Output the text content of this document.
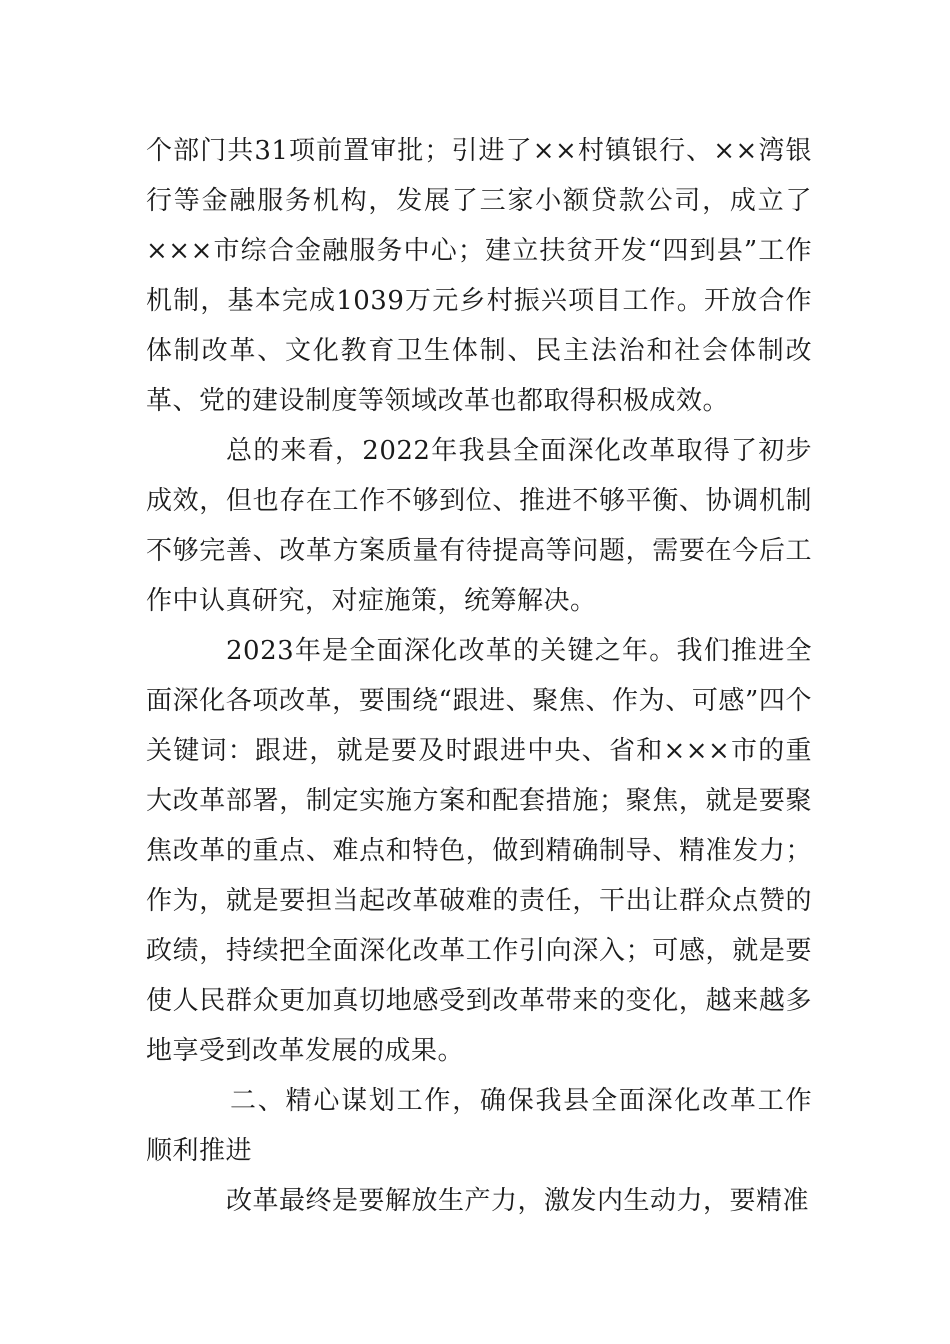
个部门共31项前置审批；引进了××村镇银行、××湾银行等金融服务机构，发展了三家小额贷款公司，成立了×××市综合金融服务中心；建立扶贫开发“四到县”工作机制，基本完成1039万元乡村振兴项目工作。开放合作体制改革、文化教育卫生体制、民主法治和社会体制改革、党的建设制度等领域改革也都取得积极成效。

总的来看，2022年我县全面深化改革取得了初步成效，但也存在工作不够到位、推进不够平衡、协调机制不够完善、改革方案质量有待提高等问题，需要在今后工作中认真研究，对症施策，统筹解决。

2023年是全面深化改革的关键之年。我们推进全面深化各项改革，要围绕“跟进、聚焦、作为、可感”四个关键词：跟进，就是要及时跟进中央、省和×××市的重大改革部署，制定实施方案和配套措施；聚焦，就是要聚焦改革的重点、难点和特色，做到精确制导、精准发力；作为，就是要担当起改革破难的责任，干出让群众点赞的政绩，持续把全面深化改革工作引向深入；可感，就是要使人民群众更加真切地感受到改革带来的变化，越来越多地享受到改革发展的成果。

二、精心谋划工作，确保我县全面深化改革工作顺利推进

改革最终是要解放生产力，激发内生动力，要精准
